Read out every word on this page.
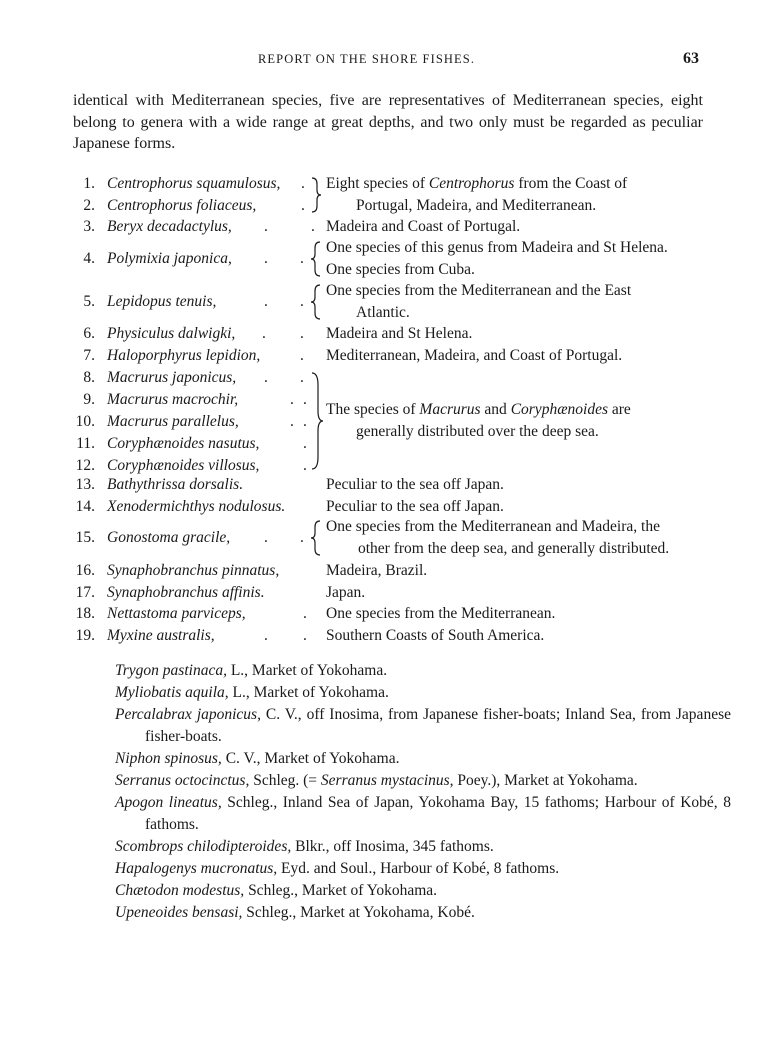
REPORT ON THE SHORE FISHES.	63

identical with Mediterranean species, five are representatives of Mediterranean species, eight belong to genera with a wide range at great depths, and two only must be regarded as peculiar Japanese forms.

1. Centrophorus squamulosus, . Eight species of Centrophorus from the Coast of
2. Centrophorus foliaceus,	.	Portugal, Madeira, and Mediterranean.
3. Beryx decadactylus, .	. Madeira and Coast of Portugal.
4. Polymixia japonica, . .
One species of this genus from Madeira and St Helena.
One species from Cuba.
5. Lepidopus tenuis,	. .
One species from the Mediterranean and the East
Atlantic.
6. Physiculus dalwigki, . . Madeira and St Helena.
7. Haloporphyrus lepidion,	. Mediterranean, Madeira, and Coast of Portugal.
8. Macrurus japonicus, . .
9. Macrurus macrochir,	. .
10. Macrurus parallelus,	. .
11. Coryphænoides nasutus,	.
12. Coryphænoides villosus,	.
The species of Macrurus and Coryphænoides are
generally distributed over the deep sea.
13. Bathythrissa dorsalis.	Peculiar to the sea off Japan.
14. Xenodermichthys nodulosus.	Peculiar to the sea off Japan.
15. Gonostoma gracile, . .
One species from the Mediterranean and Madeira, the
other from the deep sea, and generally distributed.
16. Synaphobranchus pinnatus,	Madeira, Brazil.
17. Synaphobranchus affinis.	Japan.
18. Nettastoma parviceps,	. One species from the Mediterranean.
19. Myxine australis,	. . Southern Coasts of South America.

Trygon pastinaca, L., Market of Yokohama.

Myliobatis aquila, L., Market of Yokohama.

Percalabrax japonicus, C. V., off Inosima, from Japanese fisher-boats; Inland Sea, from Japanese fisher-boats.

Niphon spinosus, C. V., Market of Yokohama.

Serranus octocinctus, Schleg. (= Serranus mystacinus, Poey.), Market at Yokohama.

Apogon lineatus, Schleg., Inland Sea of Japan, Yokohama Bay, 15 fathoms; Harbour of Kobé, 8 fathoms.

Scombrops chilodipteroides, Blkr., off Inosima, 345 fathoms.

Hapalogenys mucronatus, Eyd. and Soul., Harbour of Kobé, 8 fathoms.

Chætodon modestus, Schleg., Market of Yokohama.

Upeneoides bensasi, Schleg., Market at Yokohama, Kobé.
